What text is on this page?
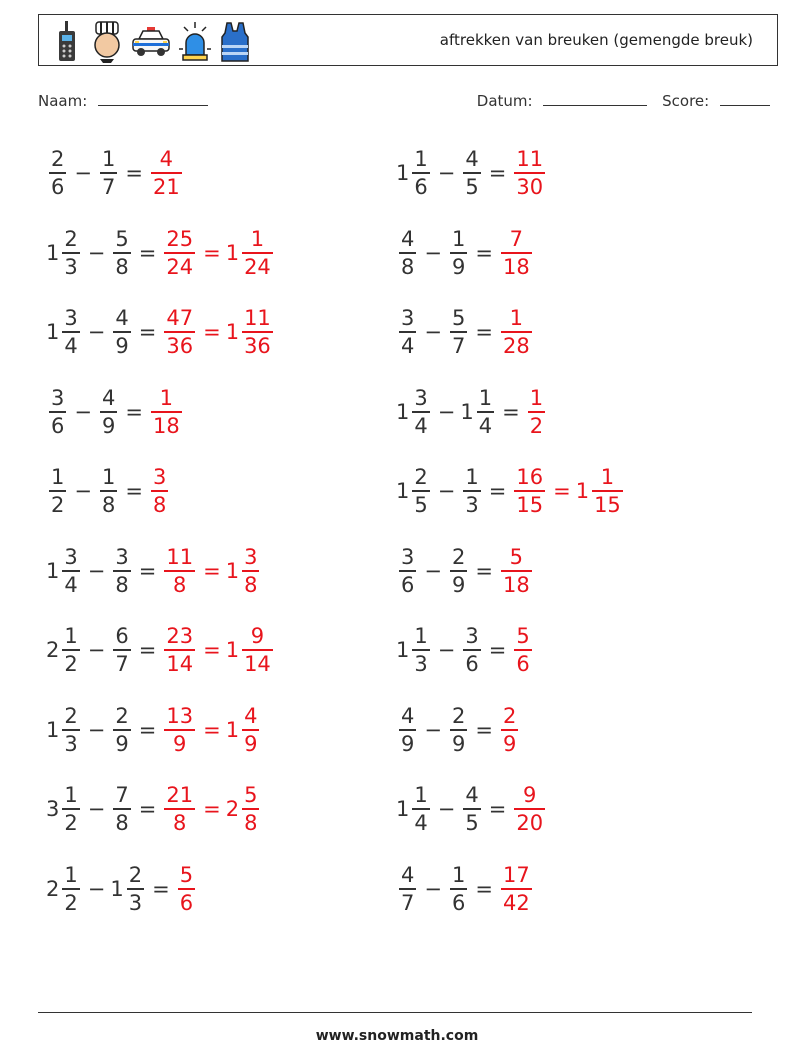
aftrekken van breuken (gemengde breuk)
Naam:	Datum:	Score:
$\frac{2}{6} - \frac{1}{7} = \frac{4}{21}$
$1 \frac{2}{3} - \frac{5}{8} = \frac{25}{24} = 1 \frac{1}{24}$
$1 \frac{3}{4} - \frac{4}{9} = \frac{47}{36} = 1 \frac{11}{36}$
$\frac{3}{6} - \frac{4}{9} = \frac{1}{18}$
$\frac{1}{2} - \frac{1}{8} = \frac{3}{8}$
$1 \frac{3}{4} - \frac{3}{8} = \frac{11}{8} = 1 \frac{3}{8}$
$2 \frac{1}{2} - \frac{6}{7} = \frac{23}{14} = 1 \frac{9}{14}$
$1 \frac{2}{3} - \frac{2}{9} = \frac{13}{9} = 1 \frac{4}{9}$
$3 \frac{1}{2} - \frac{7}{8} = \frac{21}{8} = 2 \frac{5}{8}$
$2 \frac{1}{2} - 1 \frac{2}{3} = \frac{5}{6}$
$1 \frac{1}{6} - \frac{4}{5} = \frac{11}{30}$
$\frac{4}{8} - \frac{1}{9} = \frac{7}{18}$
$\frac{3}{4} - \frac{5}{7} = \frac{1}{28}$
$1 \frac{3}{4} - 1 \frac{1}{4} = \frac{1}{2}$
$1 \frac{2}{5} - \frac{1}{3} = \frac{16}{15} = 1 \frac{1}{15}$
$\frac{3}{6} - \frac{2}{9} = \frac{5}{18}$
$1 \frac{1}{3} - \frac{3}{6} = \frac{5}{6}$
$\frac{4}{9} - \frac{2}{9} = \frac{2}{9}$
$1 \frac{1}{4} - \frac{4}{5} = \frac{9}{20}$
$\frac{4}{7} - \frac{1}{6} = \frac{17}{42}$
www.snowmath.com
